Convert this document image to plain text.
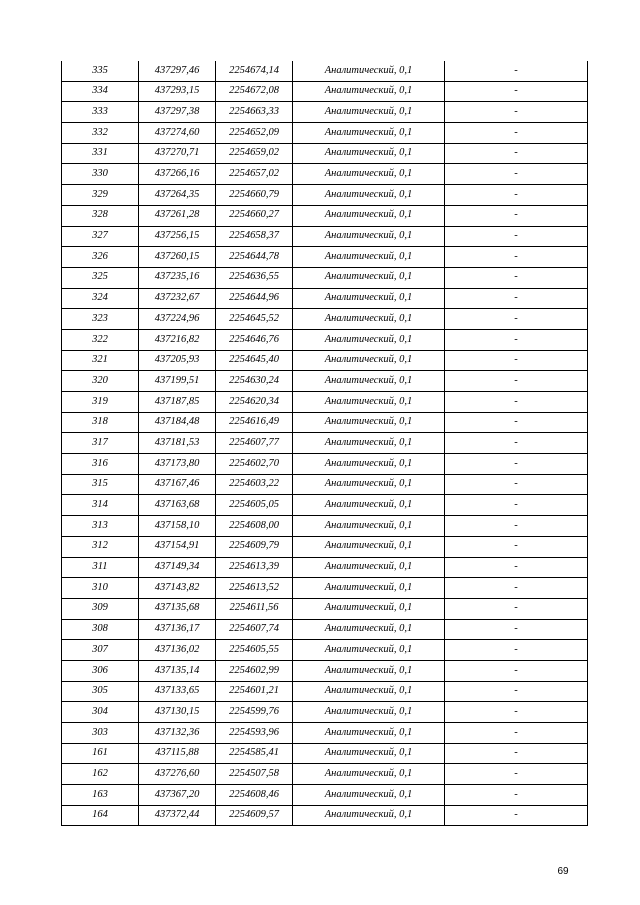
335	437297,46	2254674,14	Аналитический, 0,1	-
334	437293,15	2254672,08	Аналитический, 0,1	-
333	437297,38	2254663,33	Аналитический, 0,1	-
332	437274,60	2254652,09	Аналитический, 0,1	-
331	437270,71	2254659,02	Аналитический, 0,1	-
330	437266,16	2254657,02	Аналитический, 0,1	-
329	437264,35	2254660,79	Аналитический, 0,1	-
328	437261,28	2254660,27	Аналитический, 0,1	-
327	437256,15	2254658,37	Аналитический, 0,1	-
326	437260,15	2254644,78	Аналитический, 0,1	-
325	437235,16	2254636,55	Аналитический, 0,1	-
324	437232,67	2254644,96	Аналитический, 0,1	-
323	437224,96	2254645,52	Аналитический, 0,1	-
322	437216,82	2254646,76	Аналитический, 0,1	-
321	437205,93	2254645,40	Аналитический, 0,1	-
320	437199,51	2254630,24	Аналитический, 0,1	-
319	437187,85	2254620,34	Аналитический, 0,1	-
318	437184,48	2254616,49	Аналитический, 0,1	-
317	437181,53	2254607,77	Аналитический, 0,1	-
316	437173,80	2254602,70	Аналитический, 0,1	-
315	437167,46	2254603,22	Аналитический, 0,1	-
314	437163,68	2254605,05	Аналитический, 0,1	-
313	437158,10	2254608,00	Аналитический, 0,1	-
312	437154,91	2254609,79	Аналитический, 0,1	-
311	437149,34	2254613,39	Аналитический, 0,1	-
310	437143,82	2254613,52	Аналитический, 0,1	-
309	437135,68	2254611,56	Аналитический, 0,1	-
308	437136,17	2254607,74	Аналитический, 0,1	-
307	437136,02	2254605,55	Аналитический, 0,1	-
306	437135,14	2254602,99	Аналитический, 0,1	-
305	437133,65	2254601,21	Аналитический, 0,1	-
304	437130,15	2254599,76	Аналитический, 0,1	-
303	437132,36	2254593,96	Аналитический, 0,1	-
161	437115,88	2254585,41	Аналитический, 0,1	-
162	437276,60	2254507,58	Аналитический, 0,1	-
163	437367,20	2254608,46	Аналитический, 0,1	-
164	437372,44	2254609,57	Аналитический, 0,1	-
69
